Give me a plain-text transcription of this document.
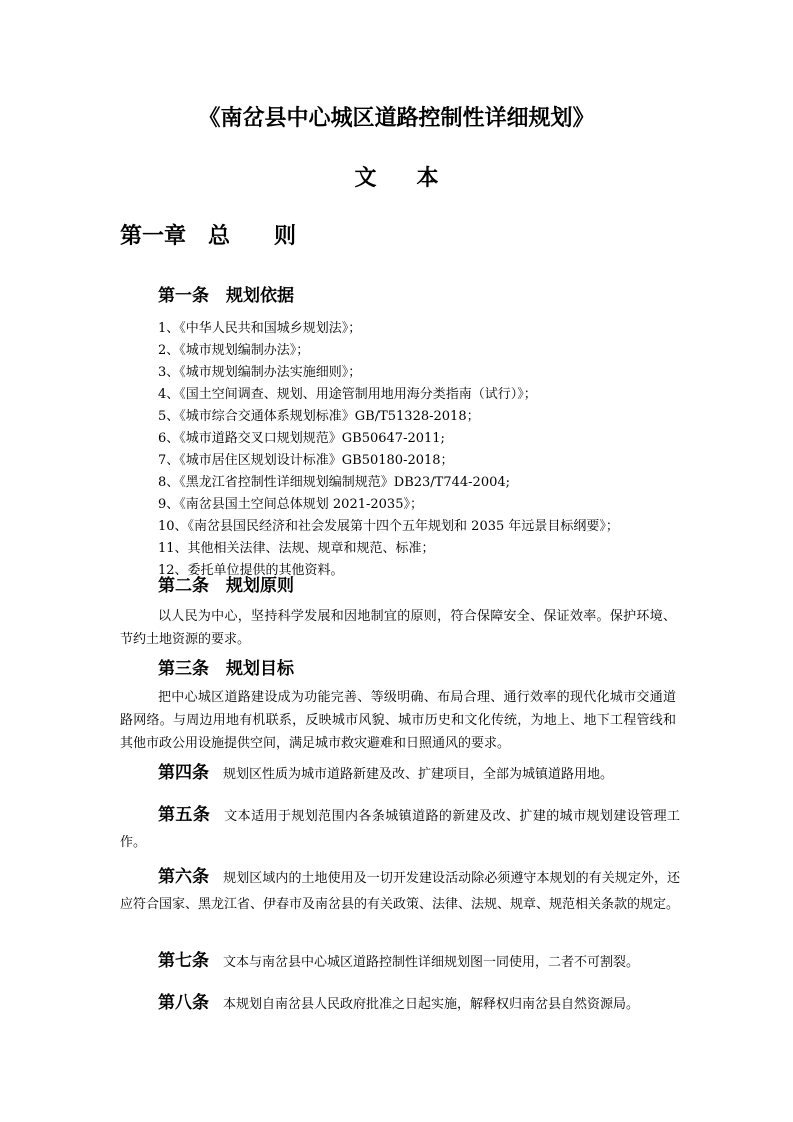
《南岔县中心城区道路控制性详细规划》
文本
第一章　总　　则
第一条　规划依据
1、《中华人民共和国城乡规划法》；
2、《城市规划编制办法》；
3、《城市规划编制办法实施细则》；
4、《国土空间调查、规划、用途管制用地用海分类指南（试行）》；
5、《城市综合交通体系规划标准》GB/T51328-2018；
6、《城市道路交叉口规划规范》GB50647-2011;
7、《城市居住区规划设计标准》GB50180-2018；
8、《黑龙江省控制性详细规划编制规范》DB23/T744-2004;
9、《南岔县国土空间总体规划 2021-2035》；
10、《南岔县国民经济和社会发展第十四个五年规划和 2035 年远景目标纲要》；
11、其他相关法律、法规、规章和规范、标准；
12、委托单位提供的其他资料。
第二条　规划原则

以人民为中心，坚持科学发展和因地制宜的原则，符合保障安全、保证效率。保护环境、节约土地资源的要求。

第三条　规划目标

把中心城区道路建设成为功能完善、等级明确、布局合理、通行效率的现代化城市交通道路网络。与周边用地有机联系，反映城市风貌、城市历史和文化传统，为地上、地下工程管线和其他市政公用设施提供空间，满足城市救灾避难和日照通风的要求。

第四条 规划区性质为城市道路新建及改、扩建项目，全部为城镇道路用地。

第五条 文本适用于规划范围内各条城镇道路的新建及改、扩建的城市规划建设管理工作。

第六条 规划区域内的土地使用及一切开发建设活动除必须遵守本规划的有关规定外，还应符合国家、黑龙江省、伊春市及南岔县的有关政策、法律、法规、规章、规范相关条款的规定。

第七条 文本与南岔县中心城区道路控制性详细规划图一同使用，二者不可割裂。

第八条 本规划自南岔县人民政府批准之日起实施，解释权归南岔县自然资源局。
